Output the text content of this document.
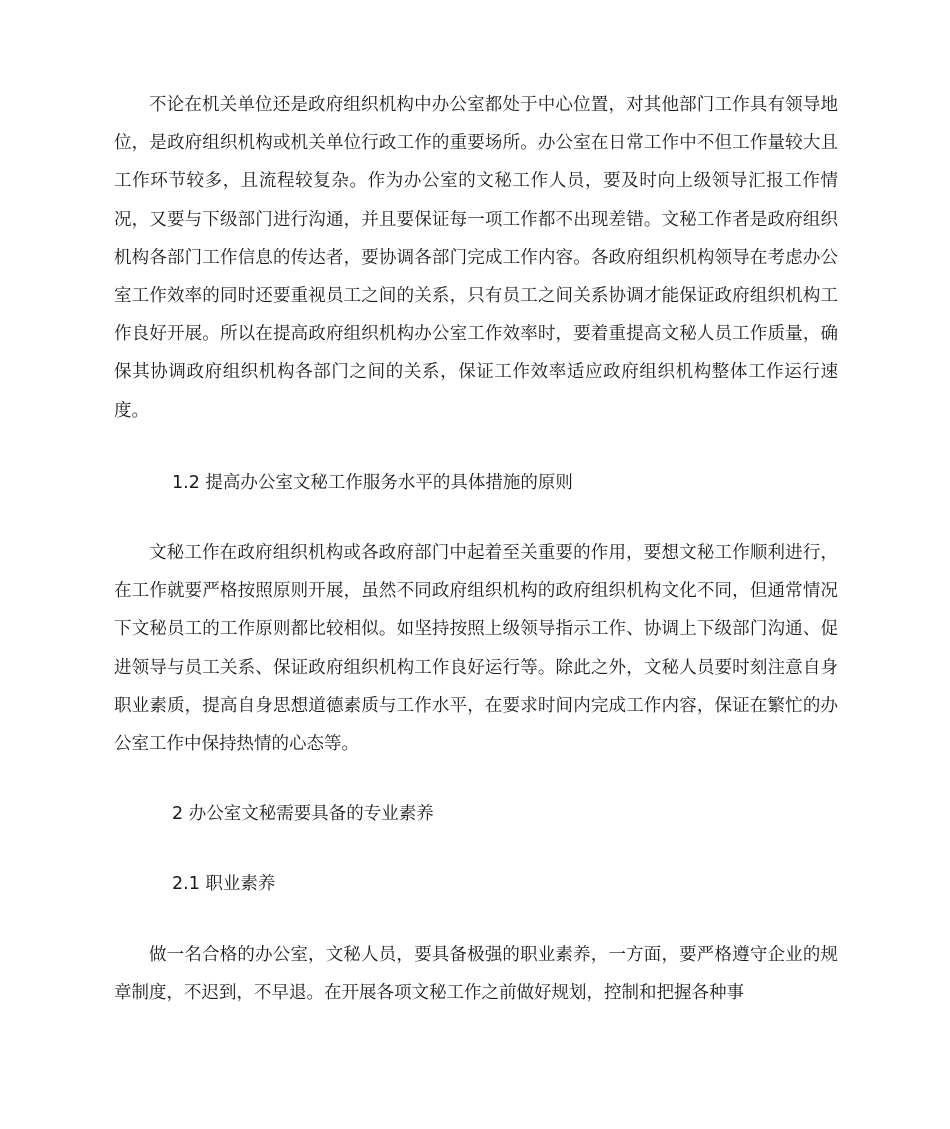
不论在机关单位还是政府组织机构中办公室都处于中心位置，对其他部门工作具有领导地位，是政府组织机构或机关单位行政工作的重要场所。办公室在日常工作中不但工作量较大且工作环节较多，且流程较复杂。作为办公室的文秘工作人员，要及时向上级领导汇报工作情况，又要与下级部门进行沟通，并且要保证每一项工作都不出现差错。文秘工作者是政府组织机构各部门工作信息的传达者，要协调各部门完成工作内容。各政府组织机构领导在考虑办公室工作效率的同时还要重视员工之间的关系，只有员工之间关系协调才能保证政府组织机构工作良好开展。所以在提高政府组织机构办公室工作效率时，要着重提高文秘人员工作质量，确保其协调政府组织机构各部门之间的关系，保证工作效率适应政府组织机构整体工作运行速度。

1.2 提高办公室文秘工作服务水平的具体措施的原则

文秘工作在政府组织机构或各政府部门中起着至关重要的作用，要想文秘工作顺利进行，在工作就要严格按照原则开展，虽然不同政府组织机构的政府组织机构文化不同，但通常情况下文秘员工的工作原则都比较相似。如坚持按照上级领导指示工作、协调上下级部门沟通、促进领导与员工关系、保证政府组织机构工作良好运行等。除此之外，文秘人员要时刻注意自身职业素质，提高自身思想道德素质与工作水平，在要求时间内完成工作内容，保证在繁忙的办公室工作中保持热情的心态等。

2 办公室文秘需要具备的专业素养

2.1 职业素养

做一名合格的办公室，文秘人员，要具备极强的职业素养，一方面，要严格遵守企业的规章制度，不迟到，不早退。在开展各项文秘工作之前做好规划，控制和把握各种事
